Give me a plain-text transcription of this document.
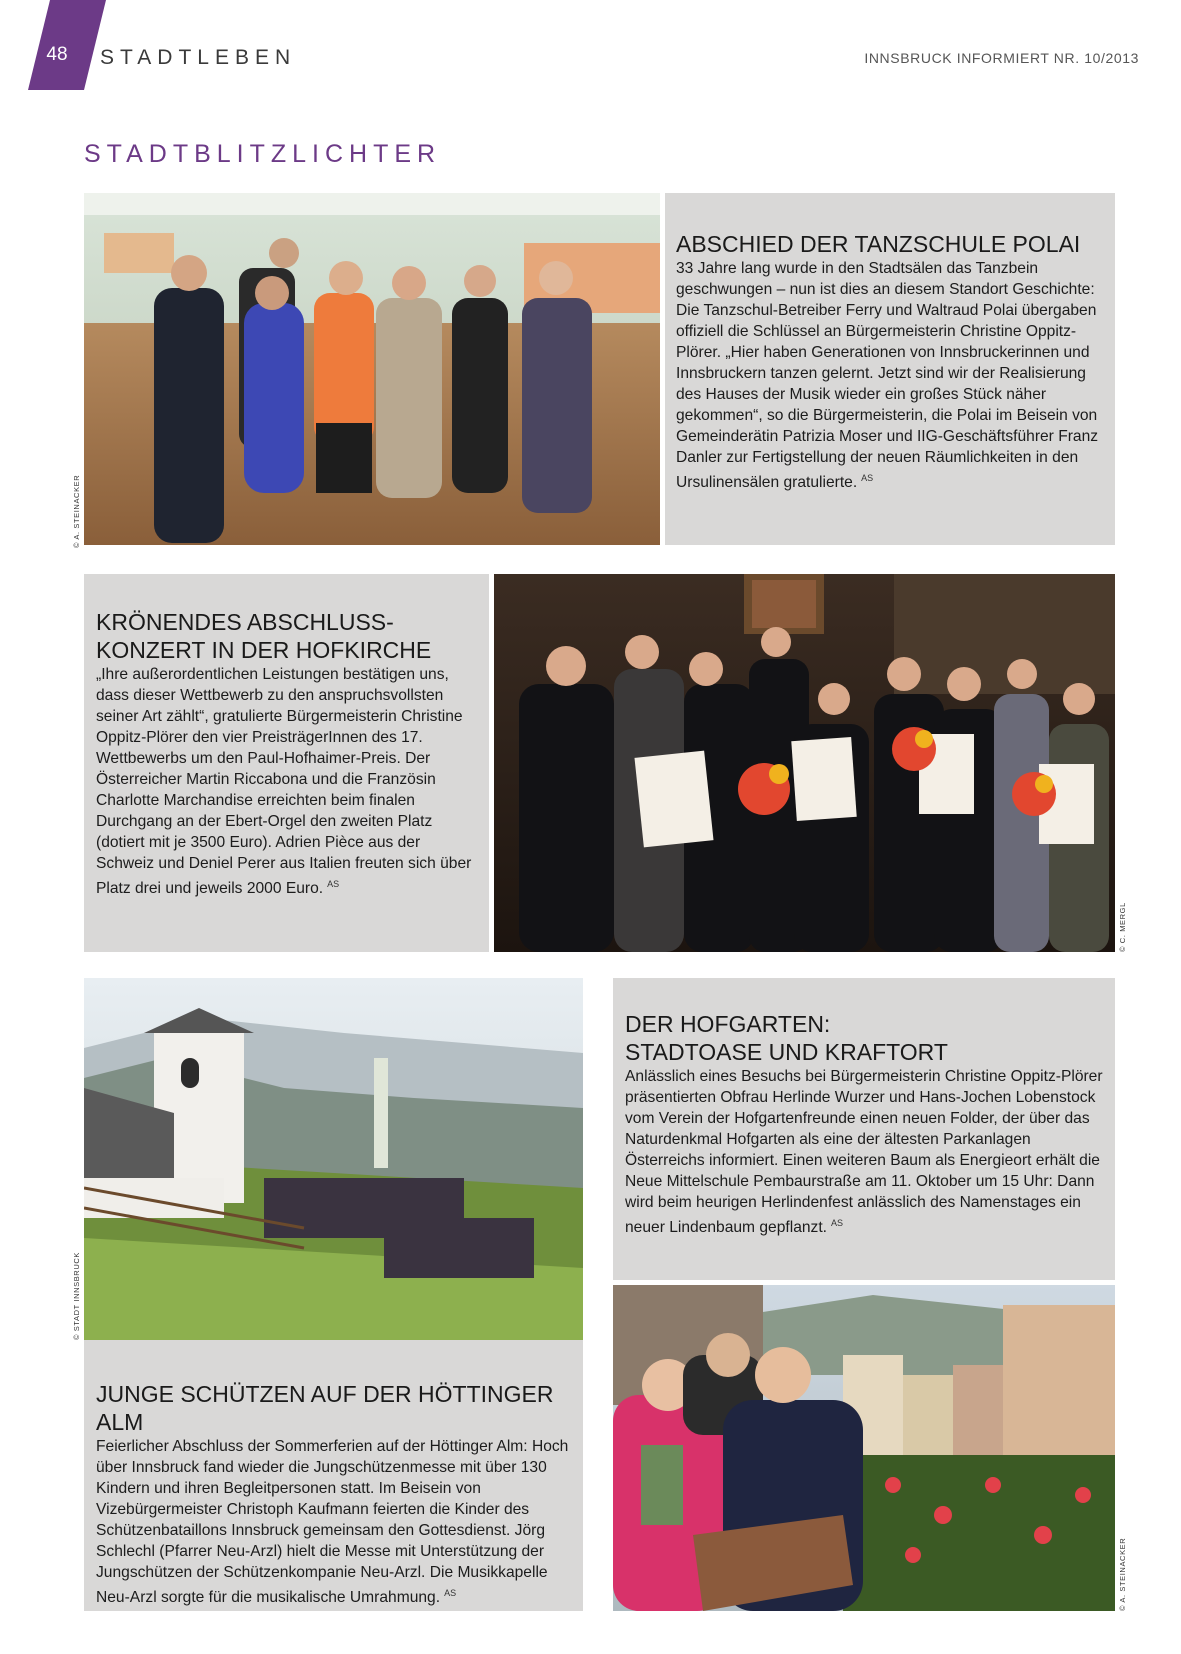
48	STADTLEBEN	INNSBRUCK INFORMIERT NR. 10/2013
STADTBLITZLICHTER
© A. STEINACKER
ABSCHIED DER TANZSCHULE POLAI

33 Jahre lang wurde in den Stadtsälen das Tanzbein geschwungen – nun ist dies an diesem Standort Geschichte: Die Tanzschul-Betreiber Ferry und Waltraud Polai übergaben offiziell die Schlüssel an Bürgermeisterin Christine Oppitz-Plörer. „Hier haben Generationen von Innsbruckerinnen und Innsbruckern tanzen gelernt. Jetzt sind wir der Realisierung des Hauses der Musik wieder ein großes Stück näher gekommen“, so die Bürgermeisterin, die Polai im Beisein von Gemeinderätin Patrizia Moser und IIG-Geschäftsführer Franz Danler zur Fertigstellung der neuen Räumlichkeiten in den Ursulinensälen gratulierte. $^{AS}$

KRÖNENDES ABSCHLUSS-
KONZERT IN DER HOFKIRCHE

„Ihre außerordentlichen Leistungen bestätigen uns, dass dieser Wettbewerb zu den anspruchsvollsten seiner Art zählt“, gratulierte Bürgermeisterin Christine Oppitz-Plörer den vier PreisträgerInnen des 17. Wettbewerbs um den Paul-Hofhaimer-Preis. Der Österreicher Martin Riccabona und die Französin Charlotte Marchandise erreichten beim finalen Durchgang an der Ebert-Orgel den zweiten Platz (dotiert mit je 3500 Euro). Adrien Pièce aus der Schweiz und Deniel Perer aus Italien freuten sich über Platz drei und jeweils 2000 Euro. $^{AS}$

© C. MERGL
© STADT INNSBRUCK
JUNGE SCHÜTZEN AUF DER HÖTTINGER ALM

Feierlicher Abschluss der Sommerferien auf der Höttinger Alm: Hoch über Innsbruck fand wieder die Jungschützenmesse mit über 130 Kindern und ihren Begleitpersonen statt. Im Beisein von Vizebürgermeister Christoph Kaufmann feierten die Kinder des Schützenbataillons Innsbruck gemeinsam den Gottesdienst. Jörg Schlechl (Pfarrer Neu-Arzl) hielt die Messe mit Unterstützung der Jungschützen der Schützenkompanie Neu-Arzl. Die Musikkapelle Neu-Arzl sorgte für die musikalische Umrahmung. $^{AS}$

DER HOFGARTEN:
STADTOASE UND KRAFTORT

Anlässlich eines Besuchs bei Bürgermeisterin Christine Oppitz-Plörer präsentierten Obfrau Herlinde Wurzer und Hans-Jochen Lobenstock vom Verein der Hofgartenfreunde einen neuen Folder, der über das Naturdenkmal Hofgarten als eine der ältesten Parkanlagen Österreichs informiert. Einen weiteren Baum als Energieort erhält die Neue Mittelschule Pembaurstraße am 11. Oktober um 15 Uhr: Dann wird beim heurigen Herlindenfest anlässlich des Namenstages ein neuer Lindenbaum gepflanzt. $^{AS}$

© A. STEINACKER
